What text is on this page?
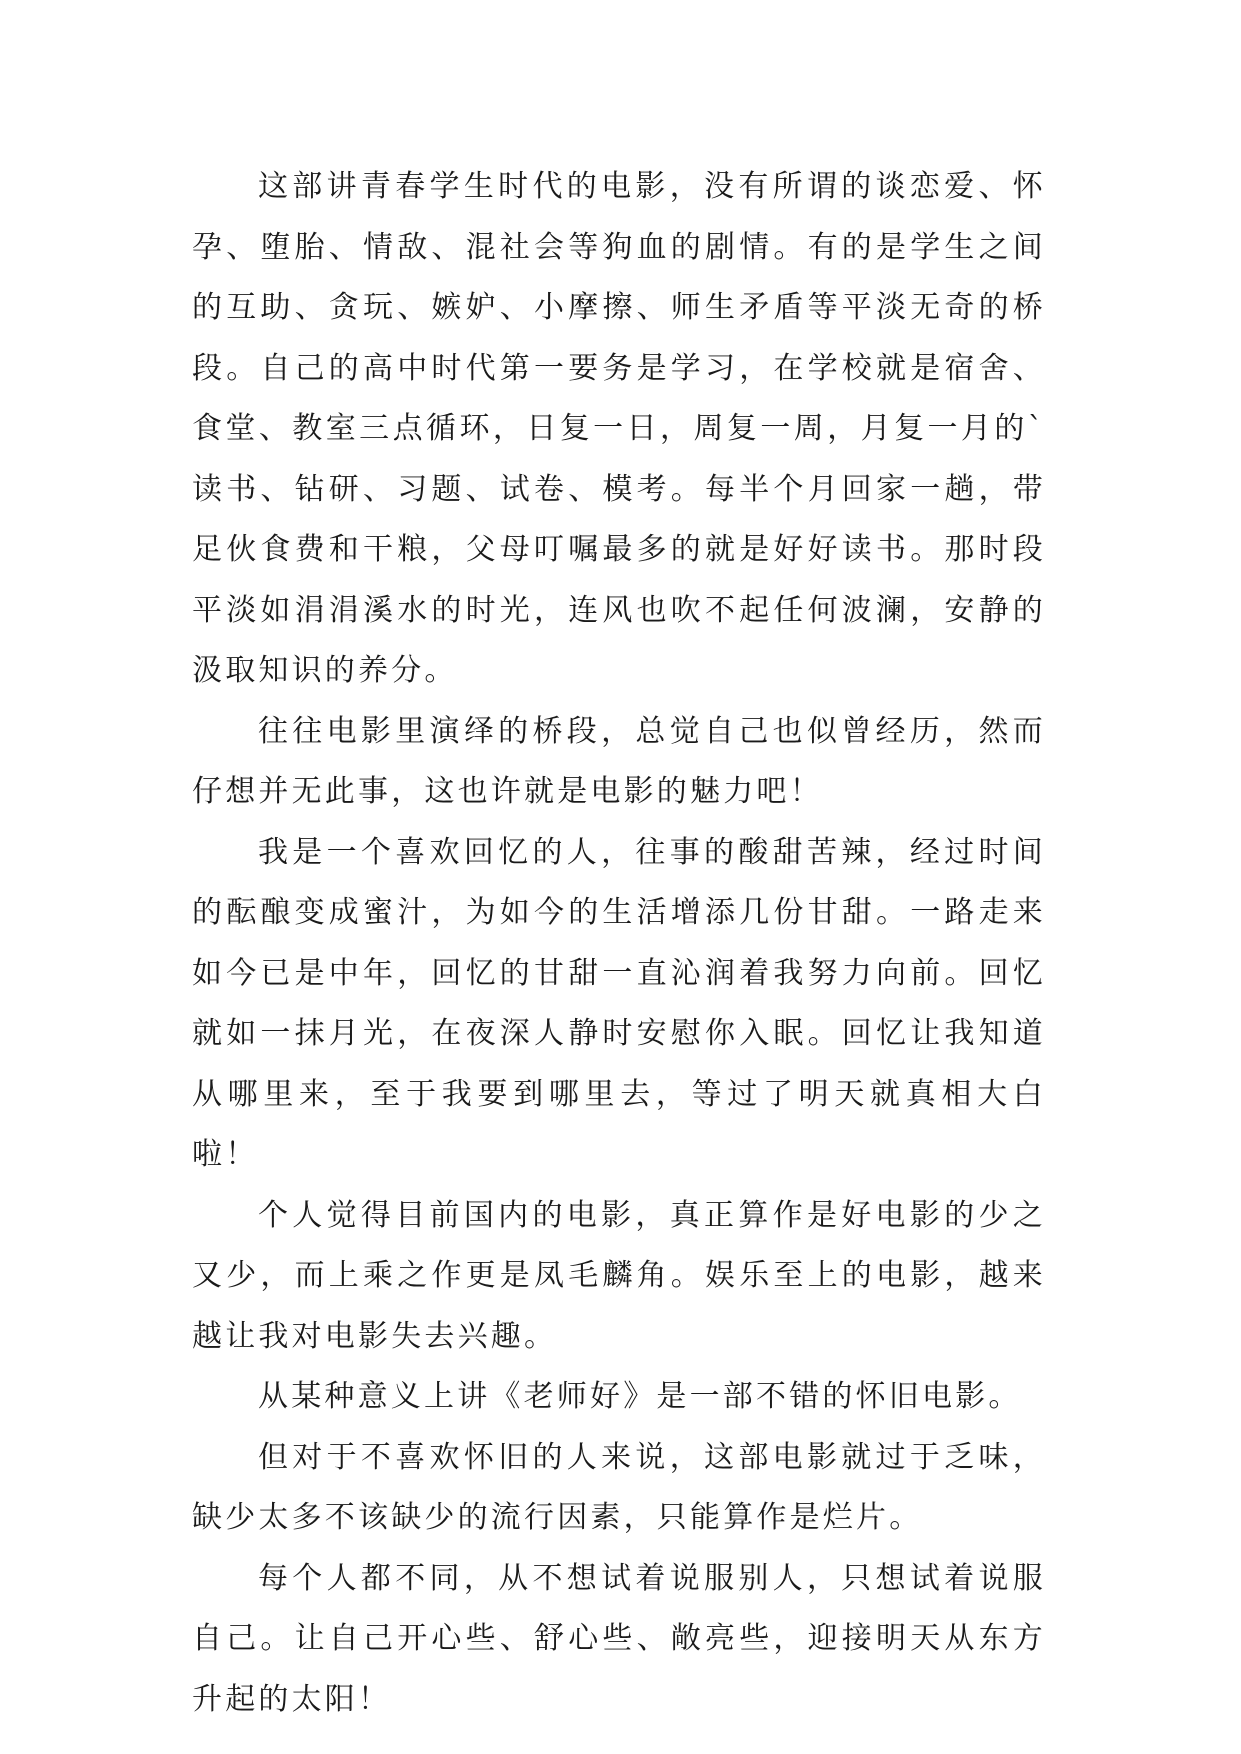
这部讲青春学生时代的电影，没有所谓的谈恋爱、怀孕、堕胎、情敌、混社会等狗血的剧情。有的是学生之间的互助、贪玩、嫉妒、小摩擦、师生矛盾等平淡无奇的桥段。自己的高中时代第一要务是学习，在学校就是宿舍、食堂、教室三点循环，日复一日，周复一周，月复一月的`读书、钻研、习题、试卷、模考。每半个月回家一趟，带足伙食费和干粮，父母叮嘱最多的就是好好读书。那时段平淡如涓涓溪水的时光，连风也吹不起任何波澜，安静的汲取知识的养分。

往往电影里演绎的桥段，总觉自己也似曾经历，然而仔想并无此事，这也许就是电影的魅力吧！

我是一个喜欢回忆的人，往事的酸甜苦辣，经过时间的酝酿变成蜜汁，为如今的生活增添几份甘甜。一路走来如今已是中年，回忆的甘甜一直沁润着我努力向前。回忆就如一抹月光，在夜深人静时安慰你入眠。回忆让我知道从哪里来，至于我要到哪里去，等过了明天就真相大白啦！

个人觉得目前国内的电影，真正算作是好电影的少之又少，而上乘之作更是凤毛麟角。娱乐至上的电影，越来越让我对电影失去兴趣。

从某种意义上讲《老师好》是一部不错的怀旧电影。

但对于不喜欢怀旧的人来说，这部电影就过于乏味，缺少太多不该缺少的流行因素，只能算作是烂片。

每个人都不同，从不想试着说服别人，只想试着说服自己。让自己开心些、舒心些、敞亮些，迎接明天从东方升起的太阳！
